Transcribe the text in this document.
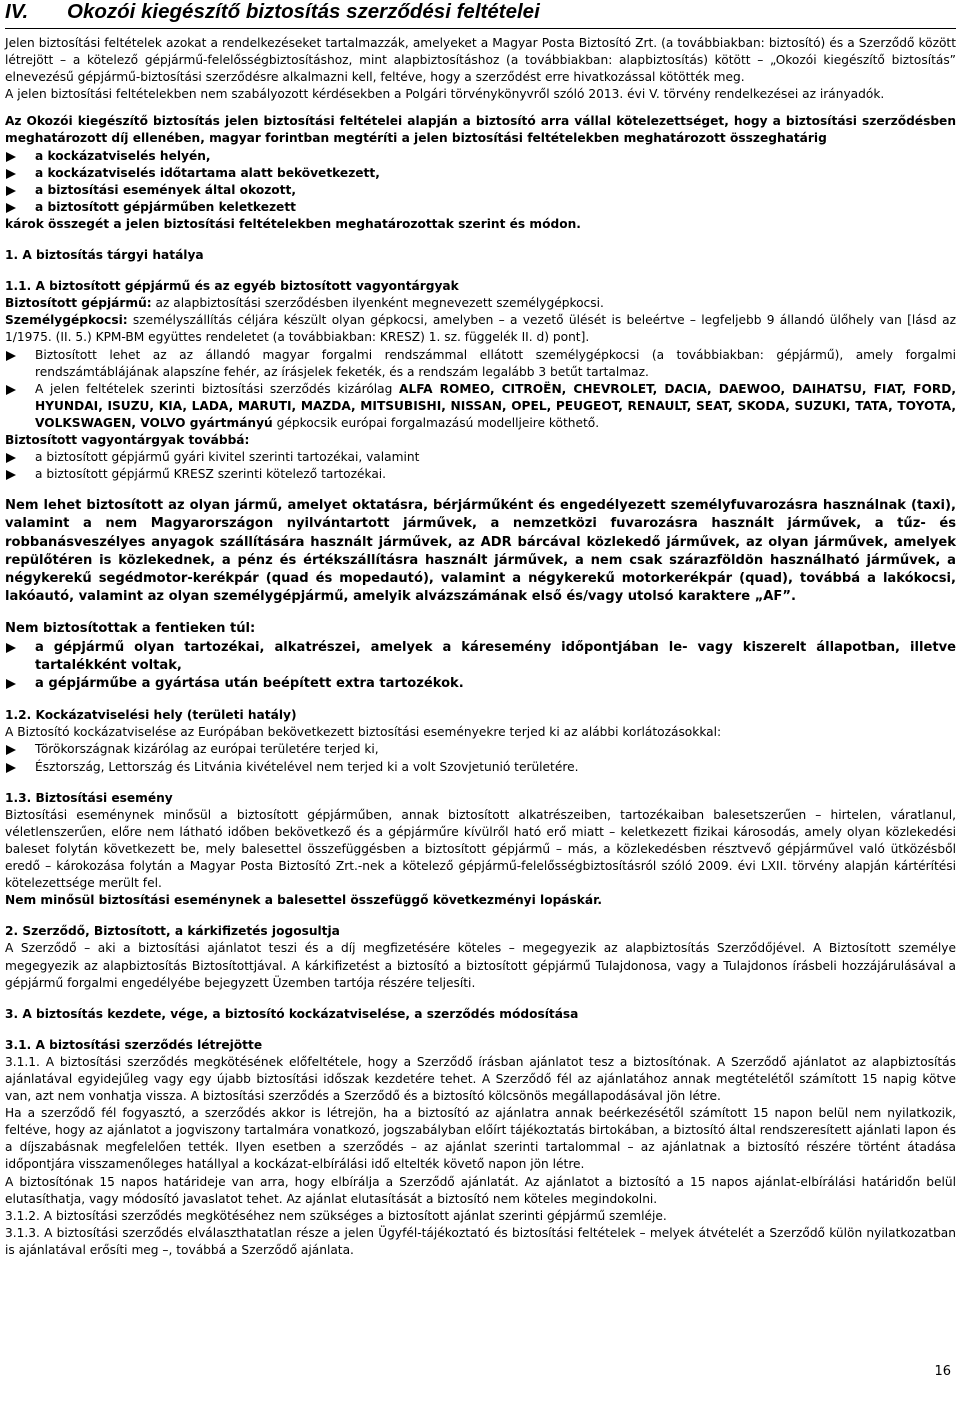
IV.	Okozói kiegészítő biztosítás szerződési feltételei

Jelen biztosítási feltételek azokat a rendelkezéseket tartalmazzák, amelyeket a Magyar Posta Biztosító Zrt. (a továbbiakban: biztosító) és a Szerződő között létrejött – a kötelező gépjármű-felelősségbiztosításhoz, mint alapbiztosításhoz (a továbbiakban: alapbiztosítás) kötött – „Okozói kiegészítő biztosítás” elnevezésű gépjármű-biztosítási szerződésre alkalmazni kell, feltéve, hogy a szerződést erre hivatkozással kötötték meg.

A jelen biztosítási feltételekben nem szabályozott kérdésekben a Polgári törvénykönyvről szóló 2013. évi V. törvény rendelkezései az irányadók.

Az Okozói kiegészítő biztosítás jelen biztosítási feltételei alapján a biztosító arra vállal kötelezettséget, hogy a biztosítási szerződésben meghatározott díj ellenében, magyar forintban megtéríti a jelen biztosítási feltételekben meghatározott összeghatárig

a kockázatviselés helyén,
a kockázatviselés időtartama alatt bekövetkezett,
a biztosítási események által okozott,
a biztosított gépjárműben keletkezett

károk összegét a jelen biztosítási feltételekben meghatározottak szerint és módon.

1. A biztosítás tárgyi hatálya

1.1. A biztosított gépjármű és az egyéb biztosított vagyontárgyak

Biztosított gépjármű: az alapbiztosítási szerződésben ilyenként megnevezett személygépkocsi.

Személygépkocsi: személyszállítás céljára készült olyan gépkocsi, amelyben – a vezető ülését is beleértve – legfeljebb 9 állandó ülőhely van [lásd az 1/1975. (II. 5.) KPM-BM együttes rendeletet (a továbbiakban: KRESZ) 1. sz. függelék II. d) pont].

Biztosított lehet az az állandó magyar forgalmi rendszámmal ellátott személygépkocsi (a továbbiakban: gépjármű), amely forgalmi rendszámtáblájának alapszíne fehér, az írásjelek feketék, és a rendszám legalább 3 betűt tartalmaz.
A jelen feltételek szerinti biztosítási szerződés kizárólag ALFA ROMEO, CITROËN, CHEVROLET, DACIA, DAEWOO, DAIHATSU, FIAT, FORD, HYUNDAI, ISUZU, KIA, LADA, MARUTI, MAZDA, MITSUBISHI, NISSAN, OPEL, PEUGEOT, RENAULT, SEAT, SKODA, SUZUKI, TATA, TOYOTA, VOLKSWAGEN, VOLVO gyártmányú gépkocsik európai forgalmazású modelljeire köthető.

Biztosított vagyontárgyak továbbá:

a biztosított gépjármű gyári kivitel szerinti tartozékai, valamint
a biztosított gépjármű KRESZ szerinti kötelező tartozékai.

Nem lehet biztosított az olyan jármű, amelyet oktatásra, bérjárműként és engedélyezett személyfuvarozásra használnak (taxi), valamint a nem Magyarországon nyilvántartott járművek, a nemzetközi fuvarozásra használt járművek, a tűz- és robbanásveszélyes anyagok szállítására használt járművek, az ADR bárcával közlekedő járművek, az olyan járművek, amelyek repülőtéren is közlekednek, a pénz és értékszállításra használt járművek, a nem csak szárazföldön használható járművek, a négykerekű segédmotor-kerékpár (quad és mopedautó), valamint a négykerekű motorkerékpár (quad), továbbá a lakókocsi, lakóautó, valamint az olyan személygépjármű, amelyik alvázszámának első és/vagy utolsó karaktere „AF”.

Nem biztosítottak a fentieken túl:

a gépjármű olyan tartozékai, alkatrészei, amelyek a káresemény időpontjában le- vagy kiszerelt állapotban, illetve tartalékként voltak,
a gépjárműbe a gyártása után beépített extra tartozékok.

1.2. Kockázatviselési hely (területi hatály)

A Biztosító kockázatviselése az Európában bekövetkezett biztosítási eseményekre terjed ki az alábbi korlátozásokkal:

Törökországnak kizárólag az európai területére terjed ki,
Észtország, Lettország és Litvánia kivételével nem terjed ki a volt Szovjetunió területére.

1.3. Biztosítási esemény

Biztosítási eseménynek minősül a biztosított gépjárműben, annak biztosított alkatrészeiben, tartozékaiban balesetszerűen – hirtelen, váratlanul, véletlenszerűen, előre nem látható időben bekövetkező és a gépjárműre kívülről ható erő miatt – keletkezett fizikai károsodás, amely olyan közlekedési baleset folytán következett be, mely balesettel összefüggésben a biztosított gépjármű – más, a közlekedésben résztvevő gépjárművel való ütközésből eredő – károkozása folytán a Magyar Posta Biztosító Zrt.-nek a kötelező gépjármű-felelősségbiztosításról szóló 2009. évi LXII. törvény alapján kártérítési kötelezettsége merült fel.

Nem minősül biztosítási eseménynek a balesettel összefüggő következményi lopáskár.

2. Szerződő, Biztosított, a kárkifizetés jogosultja

A Szerződő – aki a biztosítási ajánlatot teszi és a díj megfizetésére köteles – megegyezik az alapbiztosítás Szerződőjével. A Biztosított személye megegyezik az alapbiztosítás Biztosítottjával. A kárkifizetést a biztosító a biztosított gépjármű Tulajdonosa, vagy a Tulajdonos írásbeli hozzájárulásával a gépjármű forgalmi engedélyébe bejegyzett Üzemben tartója részére teljesíti.

3. A biztosítás kezdete, vége, a biztosító kockázatviselése, a szerződés módosítása

3.1. A biztosítási szerződés létrejötte

3.1.1. A biztosítási szerződés megkötésének előfeltétele, hogy a Szerződő írásban ajánlatot tesz a biztosítónak. A Szerződő ajánlatot az alapbiztosítás ajánlatával egyidejűleg vagy egy újabb biztosítási időszak kezdetére tehet. A Szerződő fél az ajánlatához annak megtételétől számított 15 napig kötve van, azt nem vonhatja vissza. A biztosítási szerződés a Szerződő és a biztosító kölcsönös megállapodásával jön létre.

Ha a szerződő fél fogyasztó, a szerződés akkor is létrejön, ha a biztosító az ajánlatra annak beérkezésétől számított 15 napon belül nem nyilatkozik, feltéve, hogy az ajánlatot a jogviszony tartalmára vonatkozó, jogszabályban előírt tájékoztatás birtokában, a biztosító által rendszeresített ajánlati lapon és a díjszabásnak megfelelően tették. Ilyen esetben a szerződés – az ajánlat szerinti tartalommal – az ajánlatnak a biztosító részére történt átadása időpontjára visszamenőleges hatállyal a kockázat-elbírálási idő eltelték követő napon jön létre.

A biztosítónak 15 napos határideje van arra, hogy elbírálja a Szerződő ajánlatát. Az ajánlatot a biztosító a 15 napos ajánlat-elbírálási határidőn belül elutasíthatja, vagy módosító javaslatot tehet. Az ajánlat elutasítását a biztosító nem köteles megindokolni.

3.1.2. A biztosítási szerződés megkötéséhez nem szükséges a biztosított ajánlat szerinti gépjármű szemléje.

3.1.3. A biztosítási szerződés elválaszthatatlan része a jelen Ügyfél-tájékoztató és biztosítási feltételek – melyek átvételét a Szerződő külön nyilatkozatban is ajánlatával erősíti meg –, továbbá a Szerződő ajánlata.

16
